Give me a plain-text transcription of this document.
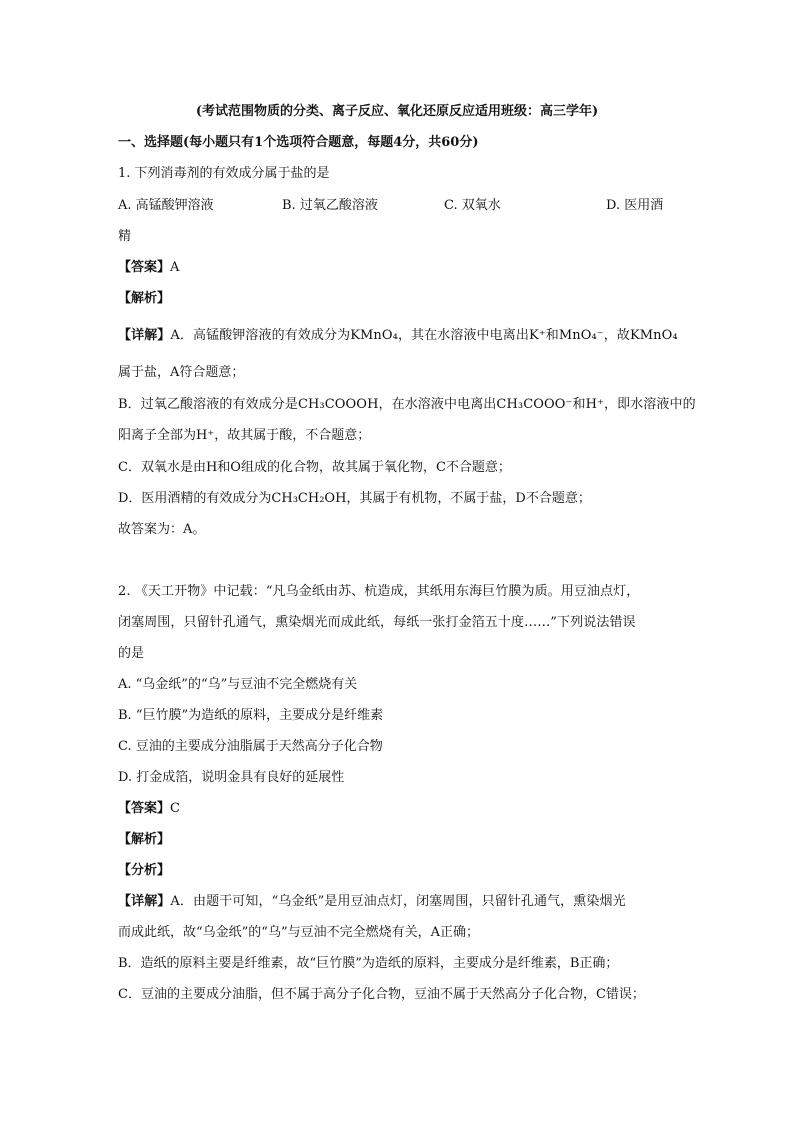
(考试范围物质的分类、离子反应、氧化还原反应适用班级：高三学年)
一、选择题(每小题只有1个选项符合题意，每题4分，共60分)
1. 下列消毒剂的有效成分属于盐的是
A. 高锰酸钾溶液	B. 过氧乙酸溶液	C. 双氧水	D. 医用酒
精
【答案】A
【解析】
【详解】A．高锰酸钾溶液的有效成分为KMnO₄，其在水溶液中电离出K⁺和MnO₄⁻，故KMnO₄
属于盐，A符合题意；
B．过氧乙酸溶液的有效成分是CH₃COOOH，在水溶液中电离出CH₃COOO⁻和H⁺，即水溶液中的
阳离子全部为H⁺，故其属于酸，不合题意；
C．双氧水是由H和O组成的化合物，故其属于氧化物，C不合题意；
D．医用酒精的有效成分为CH₃CH₂OH，其属于有机物，不属于盐，D不合题意；
故答案为：A。
2. 《天工开物》中记载：“凡乌金纸由苏、杭造成，其纸用东海巨竹膜为质。用豆油点灯，
闭塞周围，只留针孔通气，熏染烟光而成此纸，每纸一张打金箔五十度……”下列说法错误
的是
A. “乌金纸”的“乌”与豆油不完全燃烧有关
B. “巨竹膜”为造纸的原料，主要成分是纤维素
C. 豆油的主要成分油脂属于天然高分子化合物
D. 打金成箔，说明金具有良好的延展性
【答案】C
【解析】
【分析】
【详解】A．由题干可知，“乌金纸”是用豆油点灯，闭塞周围，只留针孔通气，熏染烟光
而成此纸，故“乌金纸”的“乌”与豆油不完全燃烧有关，A正确；
B．造纸的原料主要是纤维素，故“巨竹膜”为造纸的原料，主要成分是纤维素，B正确；
C．豆油的主要成分油脂，但不属于高分子化合物，豆油不属于天然高分子化合物，C错误；
